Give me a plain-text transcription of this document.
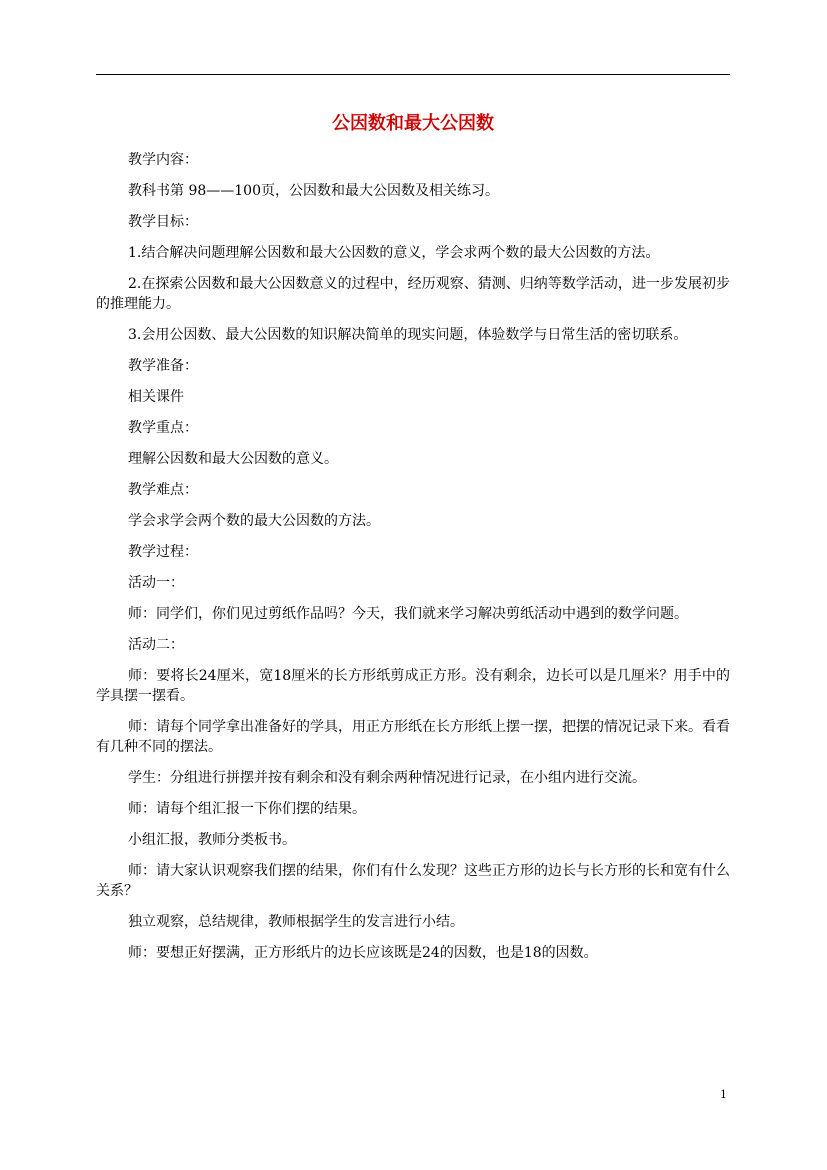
公因数和最大公因数

教学内容：

教科书第 98——100页，公因数和最大公因数及相关练习。

教学目标：

1.结合解决问题理解公因数和最大公因数的意义，学会求两个数的最大公因数的方法。

2.在探索公因数和最大公因数意义的过程中，经历观察、猜测、归纳等数学活动，进一步发展初步的推理能力。

3.会用公因数、最大公因数的知识解决简单的现实问题，体验数学与日常生活的密切联系。

教学准备：

相关课件

教学重点：

理解公因数和最大公因数的意义。

教学难点：

学会求学会两个数的最大公因数的方法。

教学过程：

活动一：

师：同学们，你们见过剪纸作品吗？今天，我们就来学习解决剪纸活动中遇到的数学问题。

活动二：

师：要将长24厘米，宽18厘米的长方形纸剪成正方形。没有剩余，边长可以是几厘米？用手中的学具摆一摆看。

师：请每个同学拿出准备好的学具，用正方形纸在长方形纸上摆一摆，把摆的情况记录下来。看看有几种不同的摆法。

学生：分组进行拼摆并按有剩余和没有剩余两种情况进行记录，在小组内进行交流。

师：请每个组汇报一下你们摆的结果。

小组汇报，教师分类板书。

师：请大家认识观察我们摆的结果，你们有什么发现？这些正方形的边长与长方形的长和宽有什么关系？

独立观察，总结规律，教师根据学生的发言进行小结。

师：要想正好摆满，正方形纸片的边长应该既是24的因数，也是18的因数。

1
